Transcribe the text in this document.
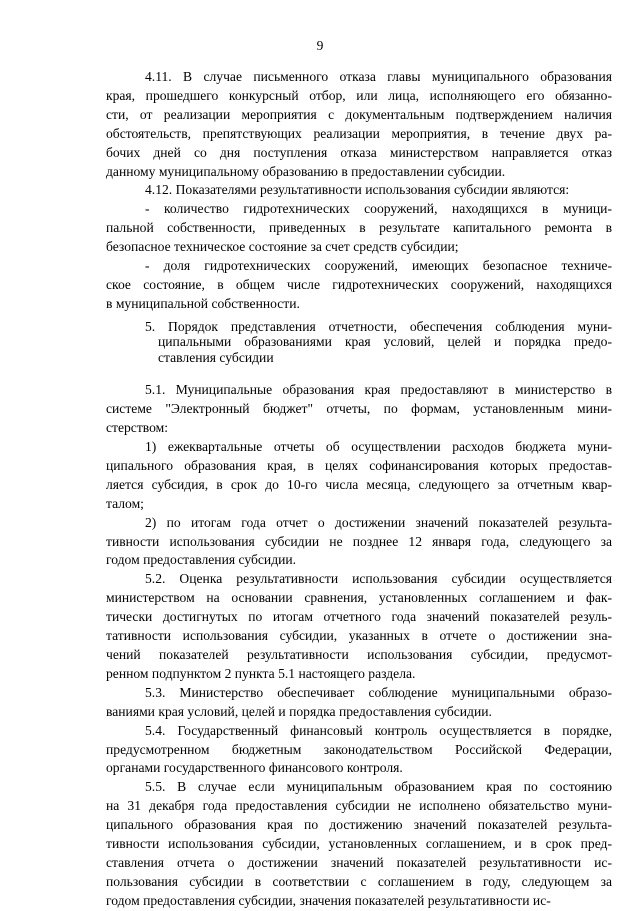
9
4.11. В случае письменного отказа главы муниципального образования
края, прошедшего конкурсный отбор, или лица, исполняющего его обязанно-
сти, от реализации мероприятия с документальным подтверждением наличия
обстоятельств, препятствующих реализации мероприятия, в течение двух ра-
бочих дней со дня поступления отказа министерством направляется отказ
данному муниципальному образованию в предоставлении субсидии.
4.12. Показателями результативности использования субсидии являются:
- количество гидротехнических сооружений, находящихся в муници-
пальной собственности, приведенных в результате капитального ремонта в
безопасное техническое состояние за счет средств субсидии;
- доля гидротехнических сооружений, имеющих безопасное техниче-
ское состояние, в общем числе гидротехнических сооружений, находящихся
в муниципальной собственности.
5. Порядок представления отчетности, обеспечения соблюдения муни-
ципальными образованиями края условий, целей и порядка предо-
ставления субсидии
5.1. Муниципальные образования края предоставляют в министерство в
системе "Электронный бюджет" отчеты, по формам, установленным мини-
стерством:
1) ежеквартальные отчеты об осуществлении расходов бюджета муни-
ципального образования края, в целях софинансирования которых предостав-
ляется субсидия, в срок до 10-го числа месяца, следующего за отчетным квар-
талом;
2) по итогам года отчет о достижении значений показателей результа-
тивности использования субсидии не позднее 12 января года, следующего за
годом предоставления субсидии.
5.2. Оценка результативности использования субсидии осуществляется
министерством на основании сравнения, установленных соглашением и фак-
тически достигнутых по итогам отчетного года значений показателей резуль-
тативности использования субсидии, указанных в отчете о достижении зна-
чений показателей результативности использования субсидии, предусмот-
ренном подпунктом 2 пункта 5.1 настоящего раздела.
5.3. Министерство обеспечивает соблюдение муниципальными образо-
ваниями края условий, целей и порядка предоставления субсидии.
5.4. Государственный финансовый контроль осуществляется в порядке,
предусмотренном бюджетным законодательством Российской Федерации,
органами государственного финансового контроля.
5.5. В случае если муниципальным образованием края по состоянию
на 31 декабря года предоставления субсидии не исполнено обязательство муни-
ципального образования края по достижению значений показателей результа-
тивности использования субсидии, установленных соглашением, и в срок пред-
ставления отчета о достижении значений показателей результативности ис-
пользования субсидии в соответствии с соглашением в году, следующем за
годом предоставления субсидии, значения показателей результативности ис-
